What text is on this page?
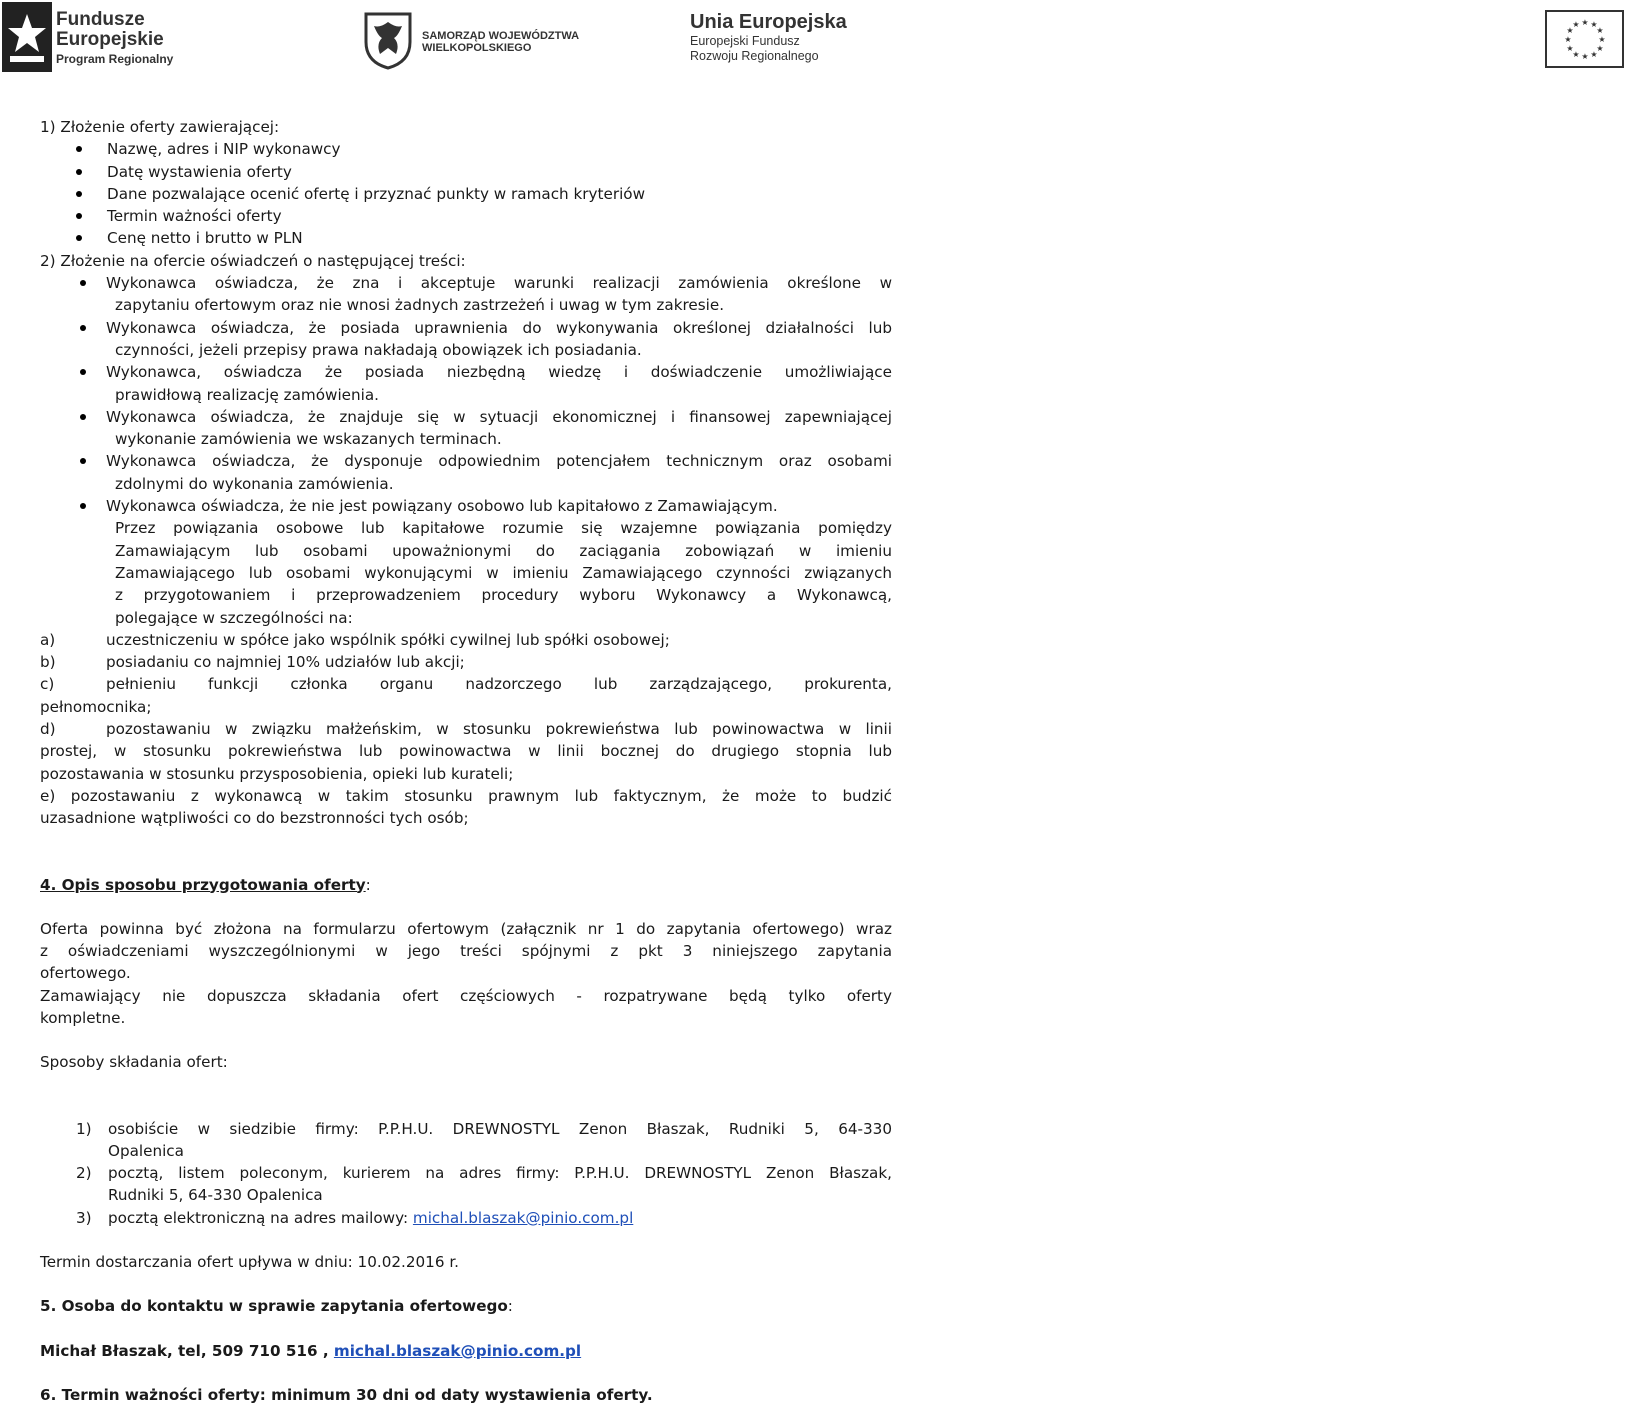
Fundusze
Europejskie
Program Regionalny
SAMORZĄD WOJEWÓDZTWA
WIELKOPOLSKIEGO
Unia Europejska
Europejski Fundusz
Rozwoju Regionalnego
★ ★
★
★
★
★
★
★
★
★
★
★
1) Złożenie oferty zawierającej:
Nazwę, adres i NIP wykonawcy
Datę wystawienia oferty
Dane pozwalające ocenić ofertę i przyznać punkty w ramach kryteriów
Termin ważności oferty
Cenę netto i brutto w PLN
2) Złożenie na ofercie oświadczeń o następującej treści:
Wykonawca oświadcza, że zna i akceptuje warunki realizacji zamówienia określone w
zapytaniu ofertowym oraz nie wnosi żadnych zastrzeżeń i uwag w tym zakresie.
Wykonawca oświadcza, że posiada uprawnienia do wykonywania określonej działalności lub
czynności, jeżeli przepisy prawa nakładają obowiązek ich posiadania.
Wykonawca, oświadcza że posiada niezbędną wiedzę i doświadczenie umożliwiające
prawidłową realizację zamówienia.
Wykonawca oświadcza, że znajduje się w sytuacji ekonomicznej i finansowej zapewniającej
wykonanie zamówienia we wskazanych terminach.
Wykonawca oświadcza, że dysponuje odpowiednim potencjałem technicznym oraz osobami
zdolnymi do wykonania zamówienia.
Wykonawca oświadcza, że nie jest powiązany osobowo lub kapitałowo z Zamawiającym.
Przez powiązania osobowe lub kapitałowe rozumie się wzajemne powiązania pomiędzy
Zamawiającym lub osobami upoważnionymi do zaciągania zobowiązań w imieniu
Zamawiającego lub osobami wykonującymi w imieniu Zamawiającego czynności związanych
z przygotowaniem i przeprowadzeniem procedury wyboru Wykonawcy a Wykonawcą,
polegające w szczególności na:
a)	uczestniczeniu w spółce jako wspólnik spółki cywilnej lub spółki osobowej;
b)	posiadaniu co najmniej 10% udziałów lub akcji;
c)	pełnieniu funkcji członka organu nadzorczego lub zarządzającego, prokurenta,
pełnomocnika;
d)	pozostawaniu w związku małżeńskim, w stosunku pokrewieństwa lub powinowactwa w linii
prostej, w stosunku pokrewieństwa lub powinowactwa w linii bocznej do drugiego stopnia lub
pozostawania w stosunku przysposobienia, opieki lub kurateli;
e) pozostawaniu z wykonawcą w takim stosunku prawnym lub faktycznym, że może to budzić
uzasadnione wątpliwości co do bezstronności tych osób;
4. Opis sposobu przygotowania oferty:
Oferta powinna być złożona na formularzu ofertowym (załącznik nr 1 do zapytania ofertowego) wraz
z oświadczeniami wyszczególnionymi w jego treści spójnymi z pkt 3 niniejszego zapytania
ofertowego.
Zamawiający nie dopuszcza składania ofert częściowych - rozpatrywane będą tylko oferty
kompletne.
Sposoby składania ofert:
1)	osobiście w siedzibie firmy: P.P.H.U. DREWNOSTYL Zenon Błaszak, Rudniki 5, 64-330
Opalenica
2)	pocztą, listem poleconym, kurierem na adres firmy: P.P.H.U. DREWNOSTYL Zenon Błaszak,
Rudniki 5, 64-330 Opalenica
3)	pocztą elektroniczną na adres mailowy: michal.blaszak@pinio.com.pl
Termin dostarczania ofert upływa w dniu: 10.02.2016 r.
5. Osoba do kontaktu w sprawie zapytania ofertowego:
Michał Błaszak, tel, 509 710 516 , michal.blaszak@pinio.com.pl
6. Termin ważności oferty: minimum 30 dni od daty wystawienia oferty.
